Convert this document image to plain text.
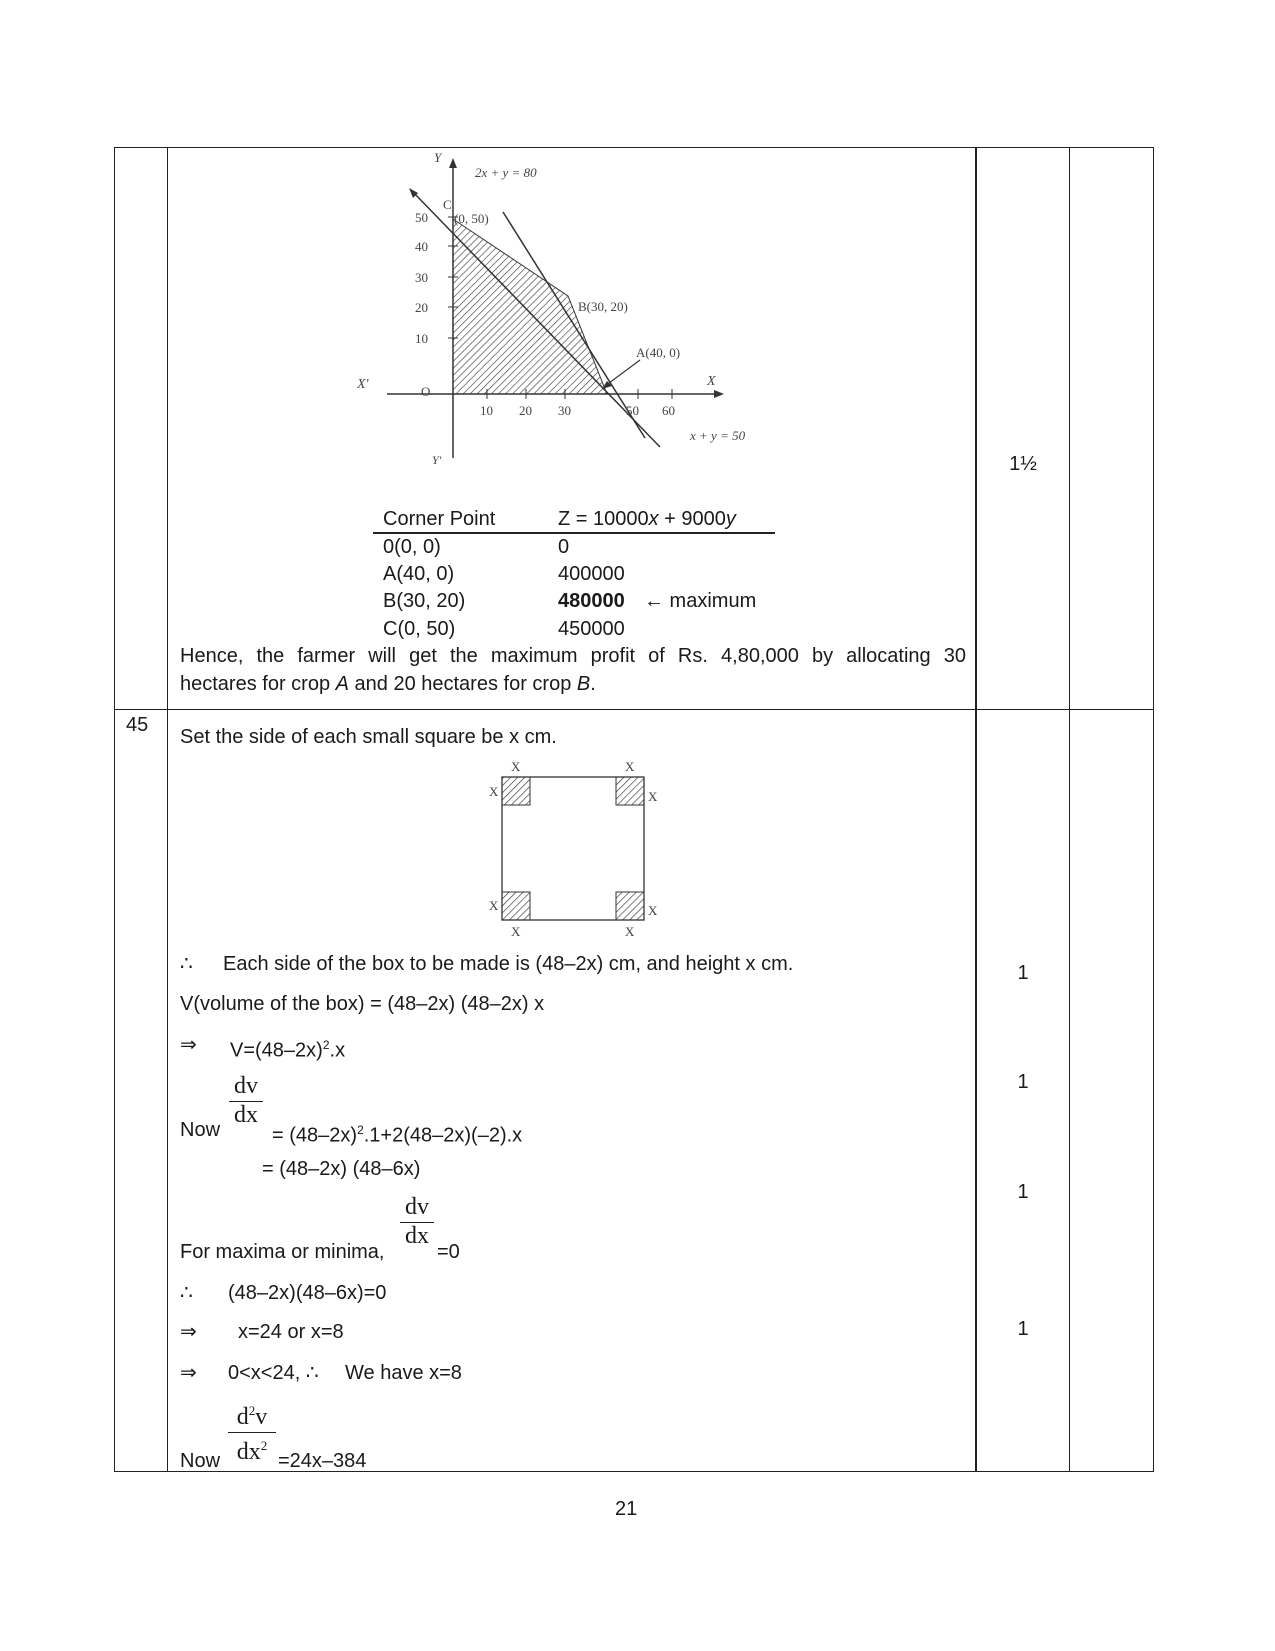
Y
Y'
X
X'	O
2x + y = 80
x + y = 50
C
(0, 50)
B(30, 20)
A(40, 0)
50
40
30
20
10
10 20 30	50 60
Corner Point	Z = 10000x + 9000y
0(0, 0)	0
A(40, 0)	400000
B(30, 20)	480000 ← maximum
C(0, 50)	450000
Hence, the farmer will get the maximum profit of Rs. 4,80,000 by allocating 30
hectares for crop A and 20 hectares for crop B.
1½
45
Set the side of each small square be x cm.
X	X
X	X
X	X
X	X
∴ Each side of the box to be made is (48–2x) cm, and height x cm.
V(volume of the box) = (48–2x) (48–2x) x
⇒ $V=(48-2x)^2.x$
Now
dv
dx
= $(48-2x)^2.1+2(48-2x)(-2).x$
= (48–2x) (48–6x)
For maxima or minima,
dv
dx
=0
∴ (48–2x)(48–6x)=0
⇒ x=24 or x=8
⇒ 0<x<24, ∴ We have x=8
Now
$d^2v$
$dx^2$
=24x–384
1
1
1
1
21
